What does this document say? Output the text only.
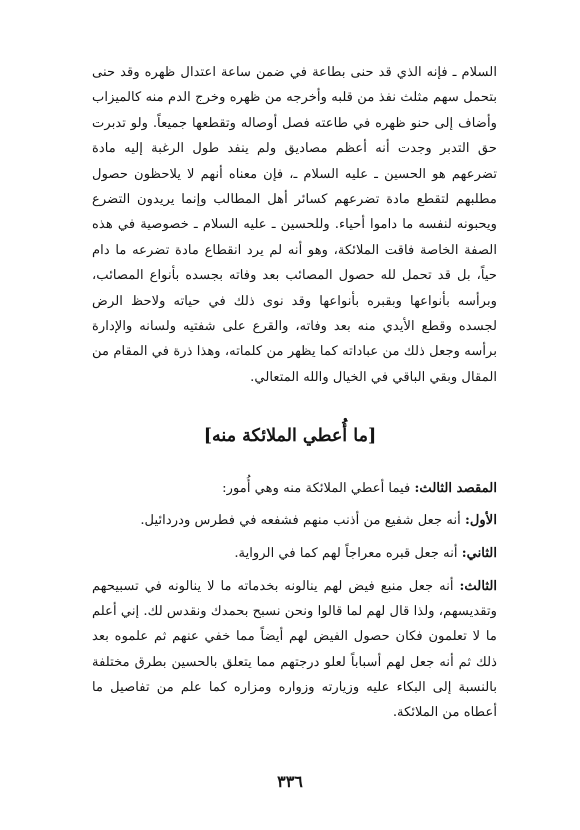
السلام ـ فإنه الذي قد حنى بطاعة في ضمن ساعة اعتدال ظهره وقد حنى بتحمل سهم مثلث نفذ من قلبه وأخرجه من ظهره وخرج الدم منه كالميزاب وأضاف إلى حنو ظهره في طاعته فصل أوصاله وتقطعها جميعاً. ولو تدبرت حق التدبر وجدت أنه أعظم مصاديق ولم ينفد طول الرغبة إليه مادة تضرعهم هو الحسين ـ عليه السلام ـ، فإن معناه أنهم لا يلاحظون حصول مطلبهم لتقطع مادة تضرعهم كسائر أهل المطالب وإنما يريدون التضرع ويحبونه لنفسه ما داموا أحياء. وللحسين ـ عليه السلام ـ خصوصية في هذه الصفة الخاصة فاقت الملائكة، وهو أنه لم يرد انقطاع مادة تضرعه ما دام حياً، بل قد تحمل لله حصول المصائب بعد وفاته بجسده بأنواع المصائب، وبرأسه بأنواعها وبقبره بأنواعها وقد نوى ذلك في حياته ولاحظ الرض لجسده وقطع الأيدي منه بعد وفاته، والقرع على شفتيه ولسانه والإدارة برأسه وجعل ذلك من عباداته كما يظهر من كلماته، وهذا ذرة في المقام من المقال وبقي الباقي في الخيال والله المتعالي.
[ما أُعطي الملائكة منه]
المقصد الثالث: فيما أعطي الملائكة منه وهي أُمور:
الأول: أنه جعل شفيع من أذنب منهم فشفعه في فطرس ودردائيل.
الثاني: أنه جعل قبره معراجاً لهم كما في الرواية.
الثالث: أنه جعل منبع فيض لهم ينالونه بخدماته ما لا ينالونه في تسبيحهم وتقديسهم، ولذا قال لهم لما قالوا ونحن نسبح بحمدك ونقدس لك. إني أعلم ما لا تعلمون فكان حصول الفيض لهم أيضاً مما خفي عنهم ثم علموه بعد ذلك ثم أنه جعل لهم أسباباً لعلو درجتهم مما يتعلق بالحسين بطرق مختلفة بالنسبة إلى البكاء عليه وزيارته وزواره ومزاره كما علم من تفاصيل ما أعطاه من الملائكة.
٣٣٦
